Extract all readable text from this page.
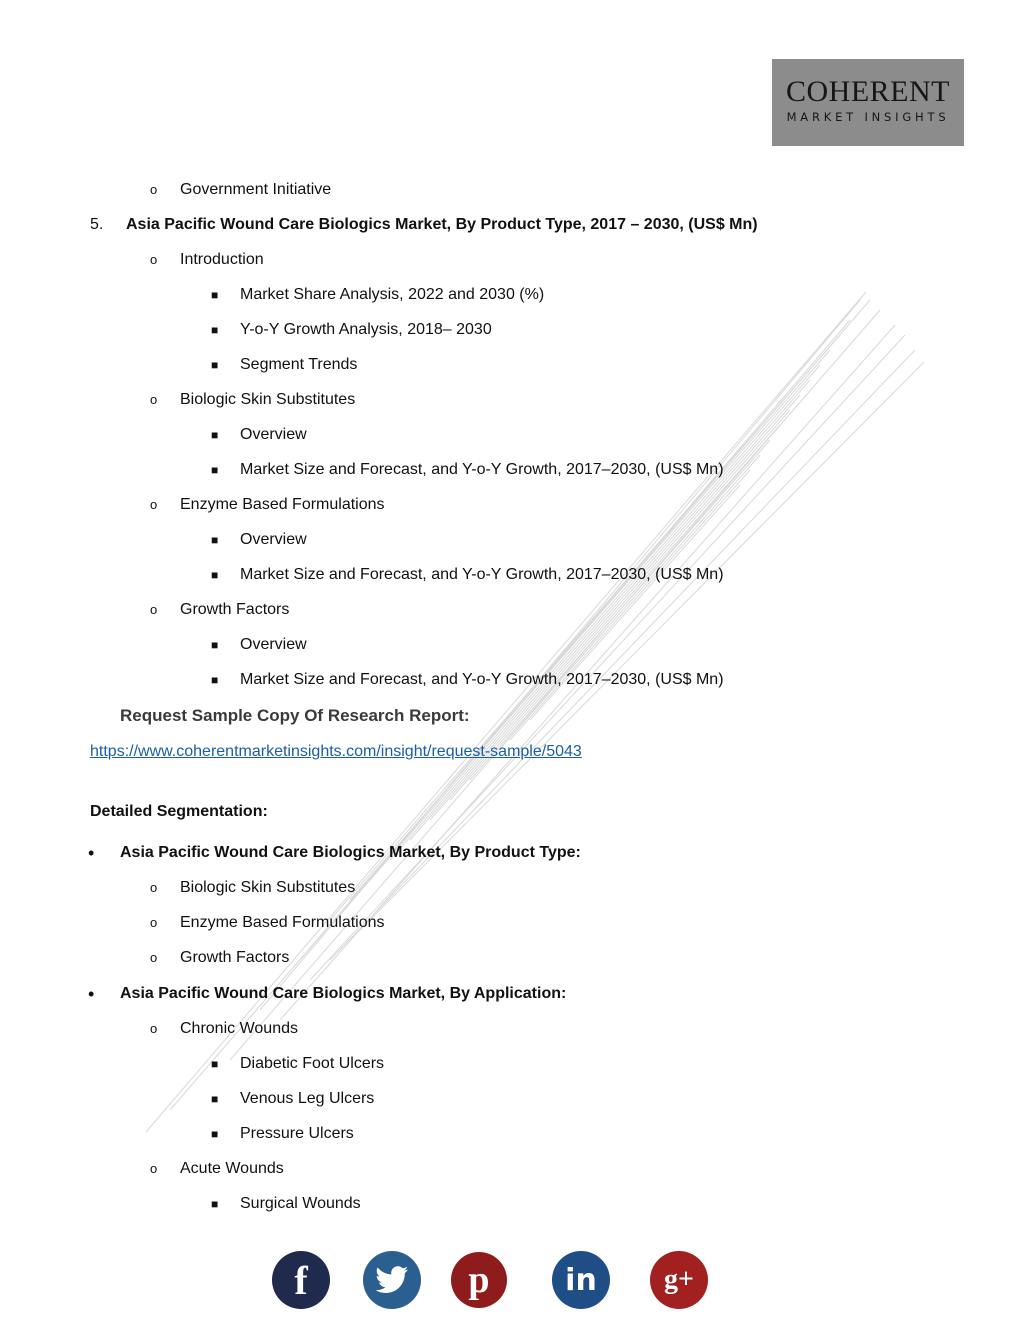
COHERENT
MARKET INSIGHTS
o Government Initiative
5. Asia Pacific Wound Care Biologics Market, By Product Type, 2017 – 2030, (US$ Mn)
o Introduction
■ Market Share Analysis, 2022 and 2030 (%)
■ Y-o-Y Growth Analysis, 2018– 2030
■ Segment Trends
o Biologic Skin Substitutes
■ Overview
■ Market Size and Forecast, and Y-o-Y Growth, 2017–2030, (US$ Mn)
o Enzyme Based Formulations
■ Overview
■ Market Size and Forecast, and Y-o-Y Growth, 2017–2030, (US$ Mn)
o Growth Factors
■ Overview
■ Market Size and Forecast, and Y-o-Y Growth, 2017–2030, (US$ Mn)
Request Sample Copy Of Research Report:
https://www.coherentmarketinsights.com/insight/request-sample/5043
Detailed Segmentation:
• Asia Pacific Wound Care Biologics Market, By Product Type:
o Biologic Skin Substitutes
o Enzyme Based Formulations
o Growth Factors
• Asia Pacific Wound Care Biologics Market, By Application:
o Chronic Wounds
■ Diabetic Foot Ulcers
■ Venous Leg Ulcers
■ Pressure Ulcers
o Acute Wounds
■ Surgical Wounds
f	p	in g+
